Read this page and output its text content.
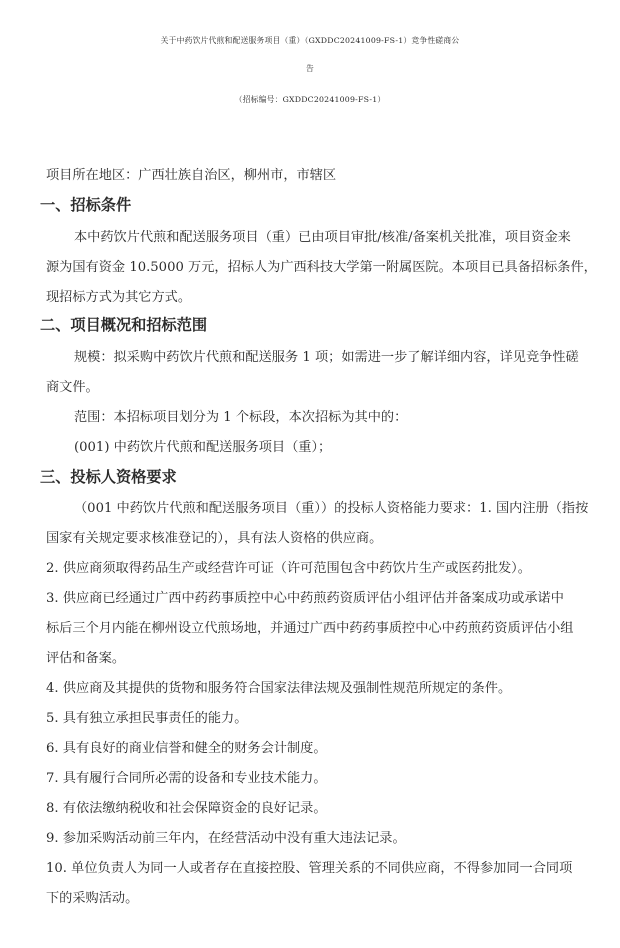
关于中药饮片代煎和配送服务项目（重）（GXDDC20241009-FS-1）竞争性磋商公
告
（招标编号：GXDDC20241009-FS-1）
项目所在地区：广西壮族自治区，柳州市，市辖区
一、招标条件
本中药饮片代煎和配送服务项目（重）已由项目审批/核准/备案机关批准，项目资金来
源为国有资金 10.5000 万元，招标人为广西科技大学第一附属医院。本项目已具备招标条件，
现招标方式为其它方式。
二、项目概况和招标范围
规模：拟采购中药饮片代煎和配送服务 1 项；如需进一步了解详细内容，详见竞争性磋
商文件。
范围：本招标项目划分为 1 个标段，本次招标为其中的：
(001) 中药饮片代煎和配送服务项目（重）；
三、投标人资格要求
（001 中药饮片代煎和配送服务项目（重））的投标人资格能力要求：1. 国内注册（指按
国家有关规定要求核准登记的），具有法人资格的供应商。
2. 供应商须取得药品生产或经营许可证（许可范围包含中药饮片生产或医药批发）。
3. 供应商已经通过广西中药药事质控中心中药煎药资质评估小组评估并备案成功或承诺中
标后三个月内能在柳州设立代煎场地，并通过广西中药药事质控中心中药煎药资质评估小组
评估和备案。
4. 供应商及其提供的货物和服务符合国家法律法规及强制性规范所规定的条件。
5. 具有独立承担民事责任的能力。
6. 具有良好的商业信誉和健全的财务会计制度。
7. 具有履行合同所必需的设备和专业技术能力。
8. 有依法缴纳税收和社会保障资金的良好记录。
9. 参加采购活动前三年内，在经营活动中没有重大违法记录。
10. 单位负责人为同一人或者存在直接控股、管理关系的不同供应商，不得参加同一合同项
下的采购活动。
